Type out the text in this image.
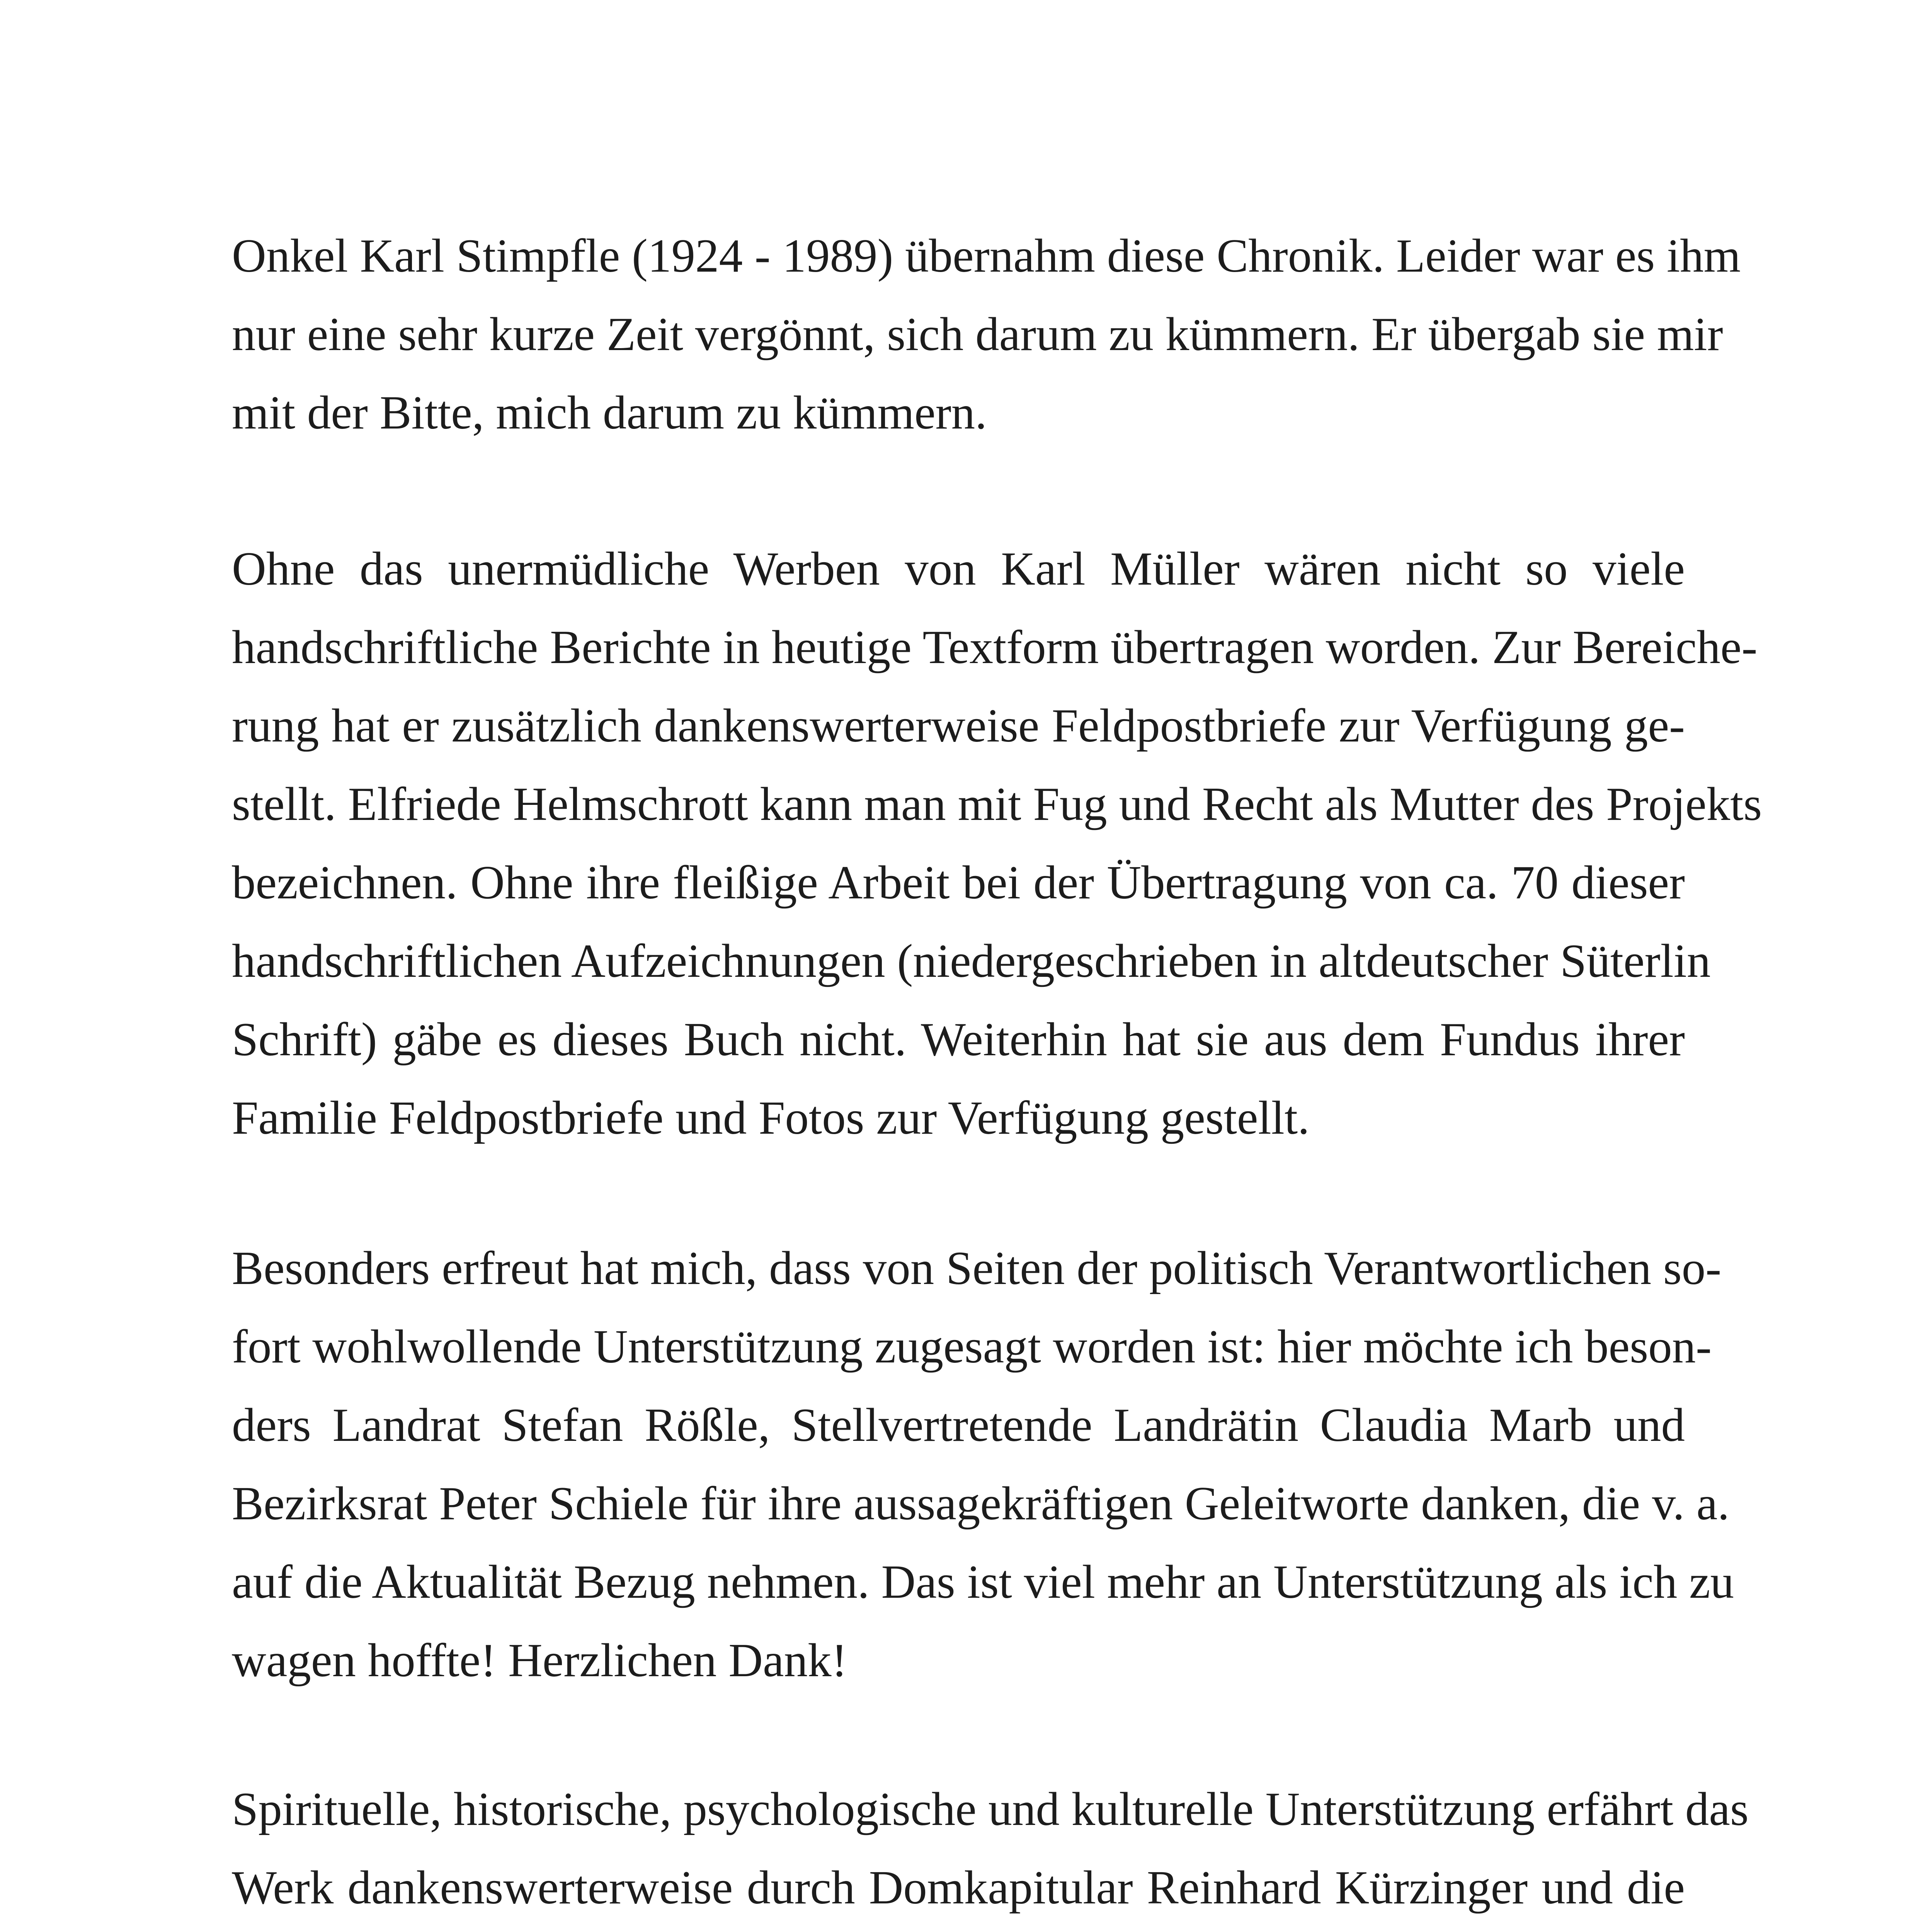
Onkel Karl Stimpfle (1924 - 1989) übernahm diese Chronik. Leider war es ihm
nur eine sehr kurze Zeit vergönnt, sich darum zu kümmern. Er übergab sie mir
mit der Bitte, mich darum zu kümmern.
Ohne das unermüdliche Werben von Karl Müller wären nicht so viele
handschriftliche Berichte in heutige Textform übertragen worden. Zur Bereiche-
rung hat er zusätzlich dankenswerterweise Feldpostbriefe zur Verfügung ge-
stellt. Elfriede Helmschrott kann man mit Fug und Recht als Mutter des Projekts
bezeichnen. Ohne ihre fleißige Arbeit bei der Übertragung von ca. 70 dieser
handschriftlichen Aufzeichnungen (niedergeschrieben in altdeutscher Süterlin
Schrift) gäbe es dieses Buch nicht. Weiterhin hat sie aus dem Fundus ihrer
Familie Feldpostbriefe und Fotos zur Verfügung gestellt.
Besonders erfreut hat mich, dass von Seiten der politisch Verantwortlichen so-
fort wohlwollende Unterstützung zugesagt worden ist: hier möchte ich beson-
ders Landrat Stefan Rößle, Stellvertretende Landrätin Claudia Marb und
Bezirksrat Peter Schiele für ihre aussagekräftigen Geleitworte danken, die v. a.
auf die Aktualität Bezug nehmen. Das ist viel mehr an Unterstützung als ich zu
wagen hoffte! Herzlichen Dank!
Spirituelle, historische, psychologische und kulturelle Unterstützung erfährt das
Werk dankenswerterweise durch Domkapitular Reinhard Kürzinger und die
